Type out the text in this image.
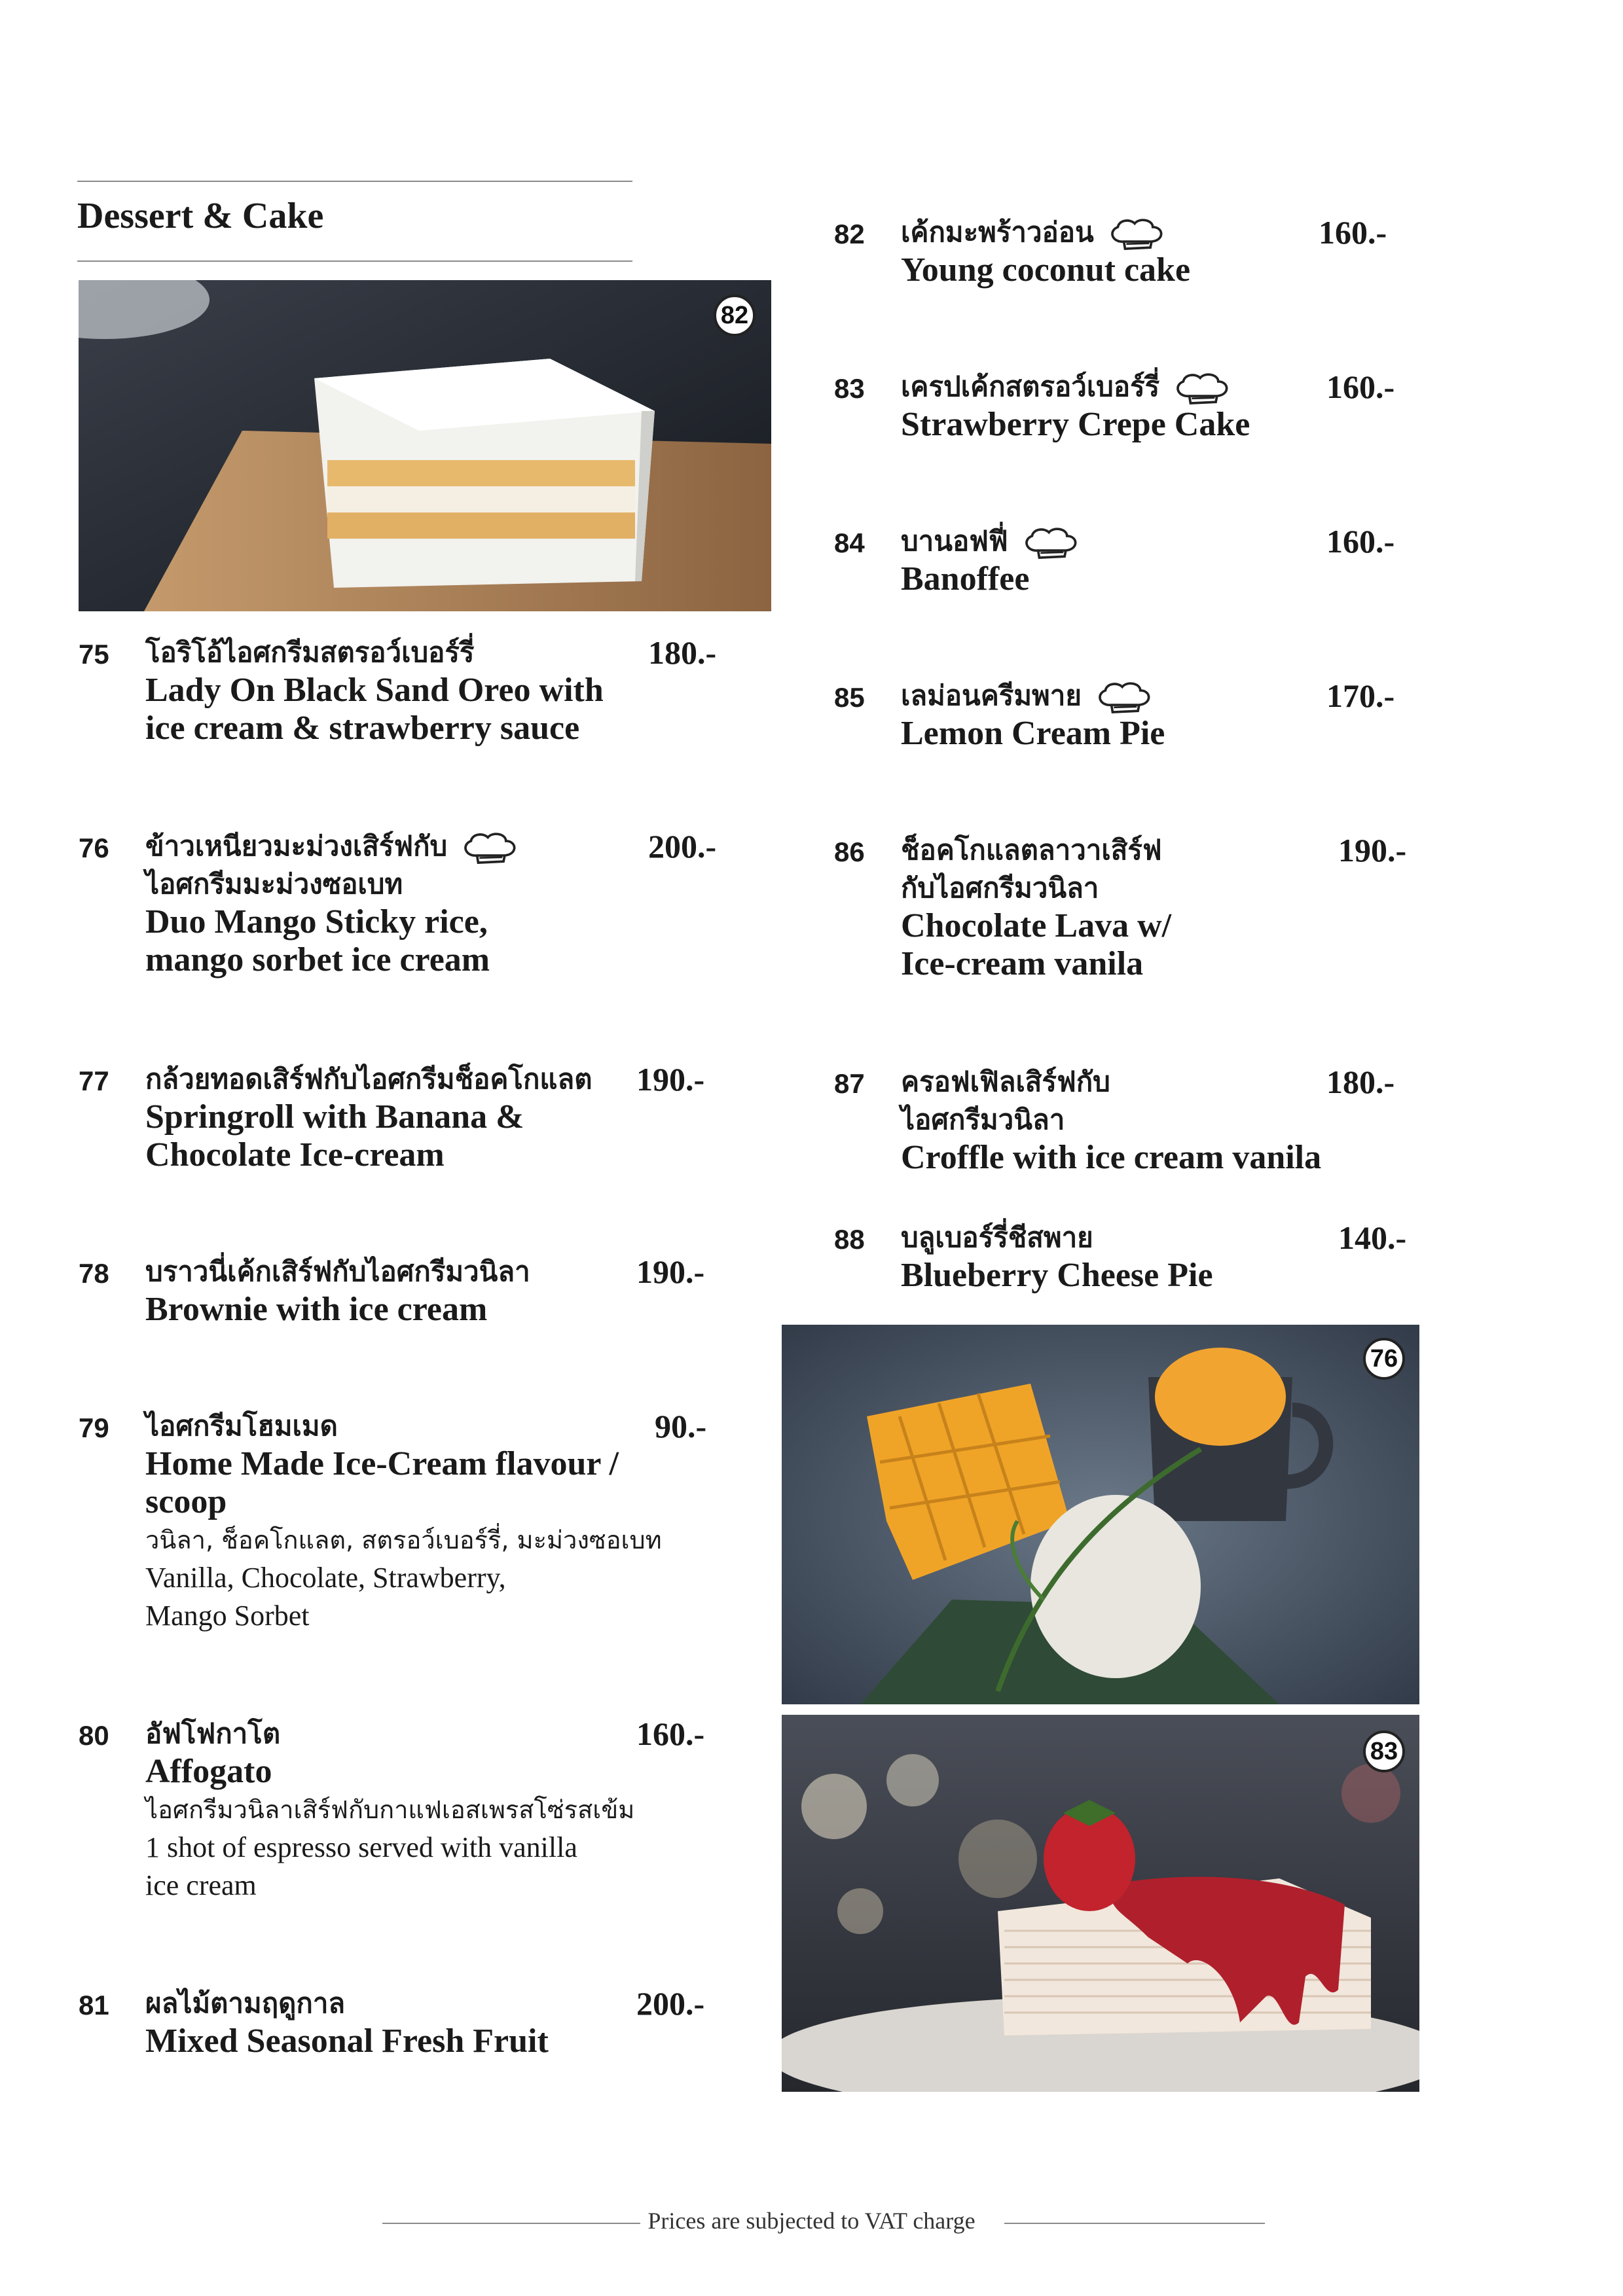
Dessert & Cake
82
76
83
75 โอริโอ้ไอศกรีมสตรอว์เบอร์รี่
Lady On Black Sand Oreo with
ice cream & strawberry sauce
180.-
76 ข้าวเหนียวมะม่วงเสิร์ฟกับ
ไอศกรีมมะม่วงซอเบท
Duo Mango Sticky rice,
mango sorbet ice cream
200.-
77 กล้วยทอดเสิร์ฟกับไอศกรีมช็อคโกแลต
Springroll with Banana &
Chocolate Ice-cream
190.-
78 บราวนี่เค้กเสิร์ฟกับไอศกรีมวนิลา
Brownie with ice cream
190.-
79 ไอศกรีมโฮมเมด
Home Made Ice-Cream flavour /
scoop
วนิลา, ช็อคโกแลต, สตรอว์เบอร์รี่, มะม่วงซอเบท
Vanilla, Chocolate, Strawberry,
Mango Sorbet
90.-
80 อัฟโฟกาโต
Affogato
ไอศกรีมวนิลาเสิร์ฟกับกาแฟเอสเพรสโซ่รสเข้ม
1 shot of espresso served with vanilla
ice cream
160.-
81 ผลไม้ตามฤดูกาล
Mixed Seasonal Fresh Fruit
200.-
82 เค้กมะพร้าวอ่อน
Young coconut cake
160.-
83 เครปเค้กสตรอว์เบอร์รี่
Strawberry Crepe Cake
160.-
84 บานอฟฟี่
Banoffee
160.-
85 เลม่อนครีมพาย
Lemon Cream Pie
170.-
86 ช็อคโกแลตลาวาเสิร์ฟ
กับไอศกรีมวนิลา
Chocolate Lava w/
Ice-cream vanila
190.-
87 ครอฟเฟิลเสิร์ฟกับ
ไอศกรีมวนิลา
Croffle with ice cream vanila
180.-
88 บลูเบอร์รี่ชีสพาย
Blueberry Cheese Pie
140.-
Prices are subjected to VAT charge
